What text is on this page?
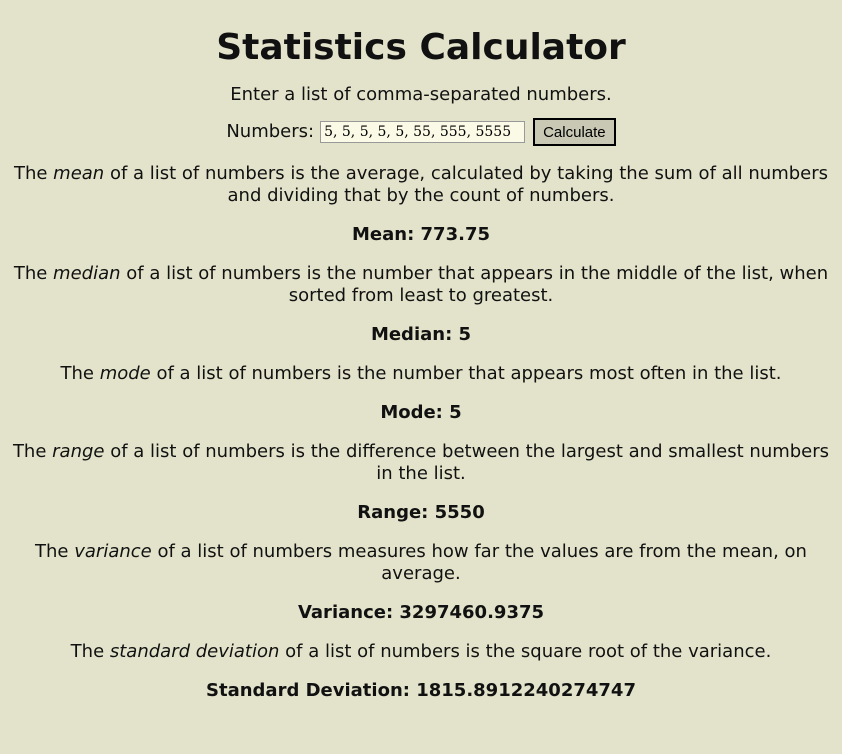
Statistics Calculator

Enter a list of comma-separated numbers.

Numbers:
5, 5, 5, 5, 5, 55, 555, 5555	Calculate

The mean of a list of numbers is the average, calculated by taking the sum of all numbers and dividing that by the count of numbers.

Mean: 773.75

The median of a list of numbers is the number that appears in the middle of the list, when sorted from least to greatest.

Median: 5

The mode of a list of numbers is the number that appears most often in the list.

Mode: 5

The range of a list of numbers is the difference between the largest and smallest numbers in the list.

Range: 5550

The variance of a list of numbers measures how far the values are from the mean, on average.

Variance: 3297460.9375

The standard deviation of a list of numbers is the square root of the variance.

Standard Deviation: 1815.8912240274747
